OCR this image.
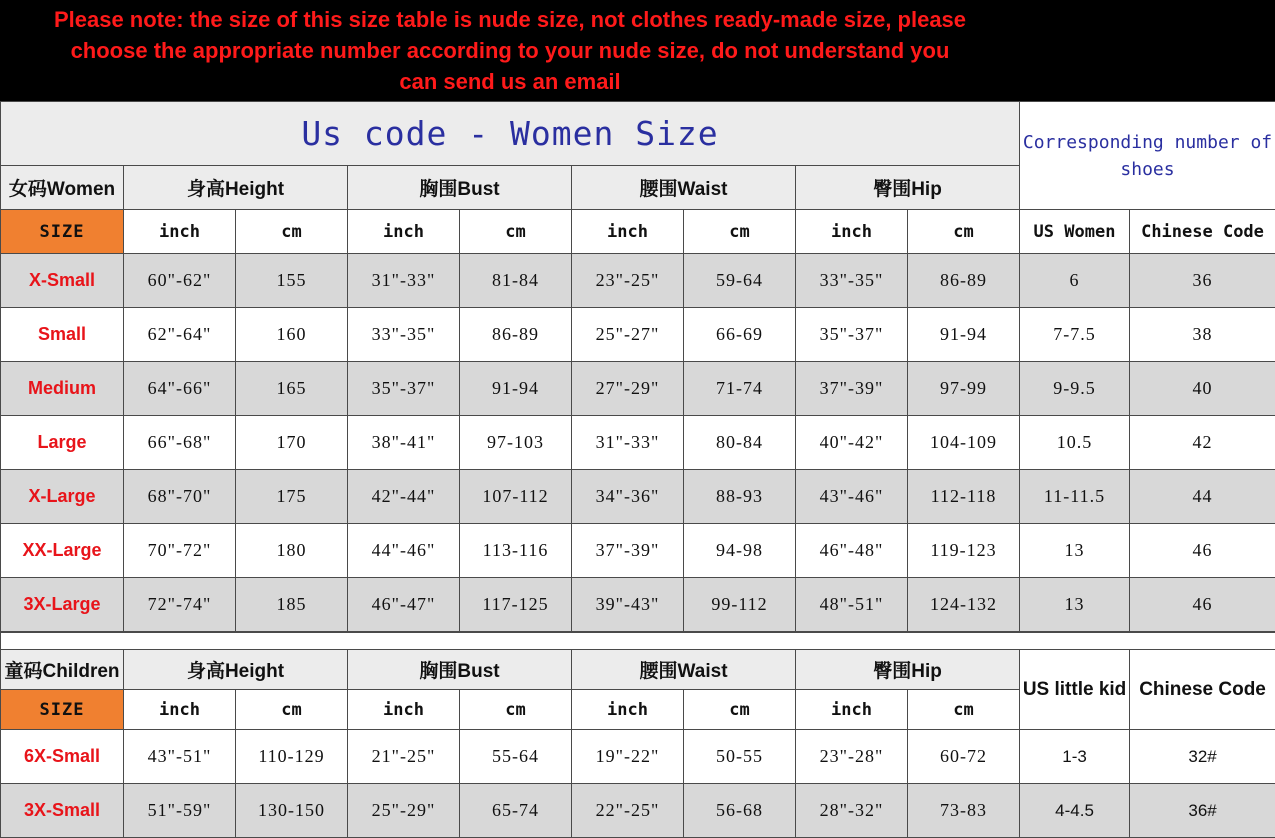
Please note: the size of this size table is nude size, not clothes ready-made size, please
choose the appropriate number according to your nude size, do not understand you
can send us an email
Us code - Women Size									Corresponding number of shoes	
女码Women	身高Height		胸围Bust		腰围Waist		臀围Hip			
SIZE	inch	cm	inch	cm	inch	cm	inch	cm	US Women	Chinese Code
X-Small	60"-62"	155	31"-33"	81-84	23"-25"	59-64	33"-35"	86-89	6	36
Small	62"-64"	160	33"-35"	86-89	25"-27"	66-69	35"-37"	91-94	7-7.5	38
Medium	64"-66"	165	35"-37"	91-94	27"-29"	71-74	37"-39"	97-99	9-9.5	40
Large	66"-68"	170	38"-41"	97-103	31"-33"	80-84	40"-42"	104-109	10.5	42
X-Large	68"-70"	175	42"-44"	107-112	34"-36"	88-93	43"-46"	112-118	11-11.5	44
XX-Large	70"-72"	180	44"-46"	113-116	37"-39"	94-98	46"-48"	119-123	13	46
3X-Large	72"-74"	185	46"-47"	117-125	39"-43"	99-112	48"-51"	124-132	13	46
童码Children	身高Height		胸围Bust		腰围Waist		臀围Hip		US little kid	Chinese Code
SIZE	inch	cm	inch	cm	inch	cm	inch	cm		
6X-Small	43"-51"	110-129	21"-25"	55-64	19"-22"	50-55	23"-28"	60-72	1-3	32#
3X-Small	51"-59"	130-150	25"-29"	65-74	22"-25"	56-68	28"-32"	73-83	4-4.5	36#
